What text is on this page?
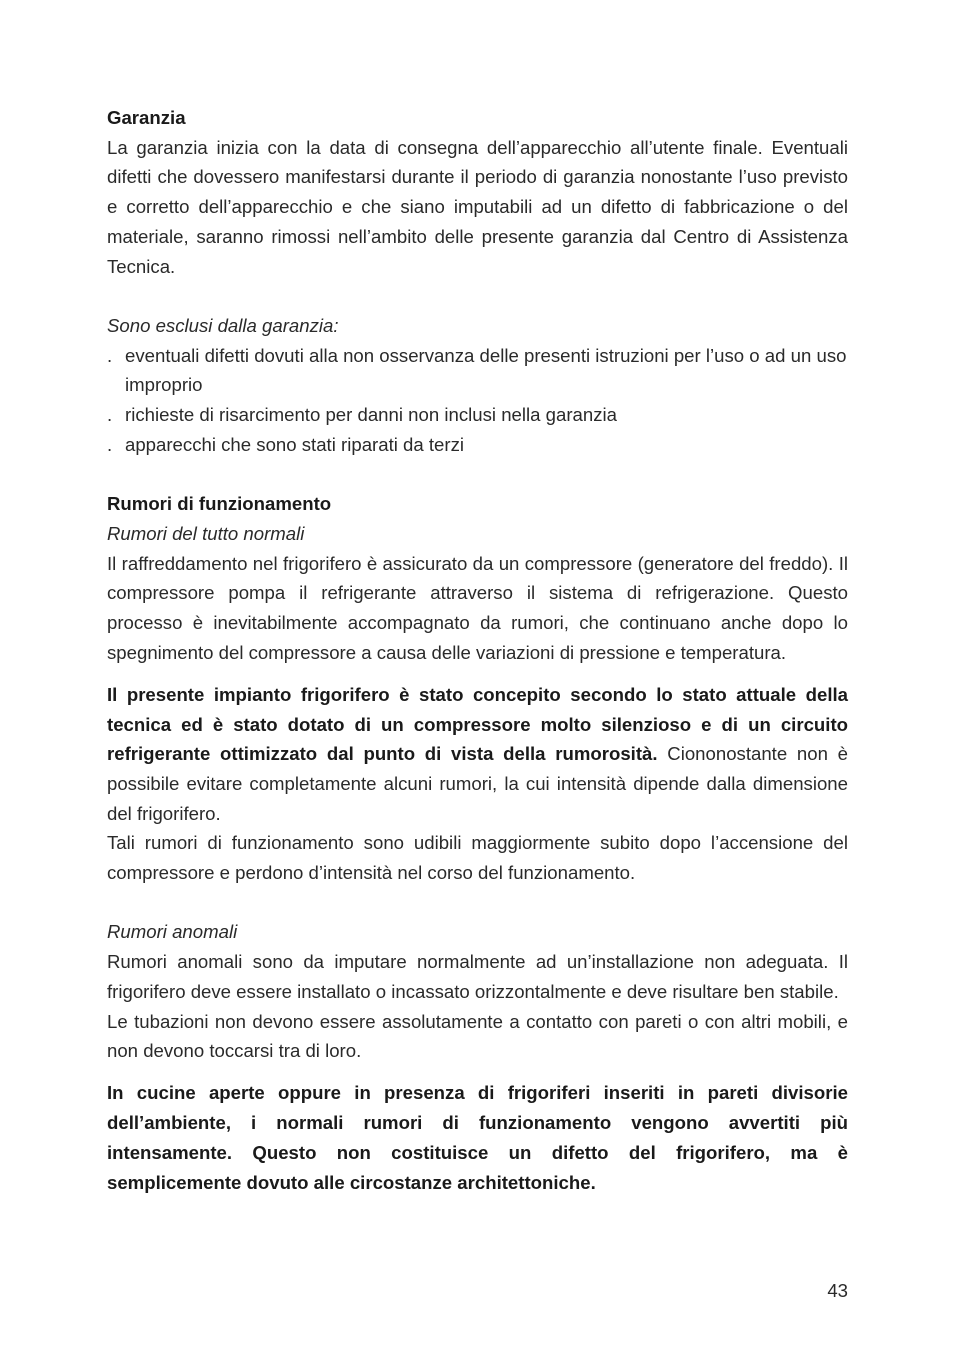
Garanzia

La garanzia inizia con la data di consegna dell’apparecchio all’utente finale. Eventuali difetti che dovessero manifestarsi durante il periodo di garanzia nonostante l’uso previsto e corretto dell’apparecchio e che siano imputabili ad un difetto di fabbricazione o del materiale, saranno rimossi nell’ambito delle presente garanzia dal Centro di Assistenza Tecnica.

Sono esclusi dalla garanzia:

. eventuali difetti dovuti alla non osservanza delle presenti istruzioni per l’uso o ad un uso improprio
. richieste di risarcimento per danni non inclusi nella garanzia
. apparecchi che sono stati riparati da terzi

Rumori di funzionamento

Rumori del tutto normali

Il raffreddamento nel frigorifero è assicurato da un compressore (generatore del freddo). Il compressore pompa il refrigerante attraverso il sistema di refrigerazione. Questo processo è inevitabilmente accompagnato da rumori, che continuano anche dopo lo spegnimento del compressore a causa delle variazioni di pressione e temperatura.

Il presente impianto frigorifero è stato concepito secondo lo stato attuale della tecnica ed è stato dotato di un compressore molto silenzioso e di un circuito refrigerante ottimizzato dal punto di vista della rumorosità. Ciononostante non è possibile evitare completamente alcuni rumori, la cui intensità dipende dalla dimensione del frigorifero.

Tali rumori di funzionamento sono udibili maggiormente subito dopo l’accensione del compressore e perdono d’intensità nel corso del funzionamento.

Rumori anomali

Rumori anomali sono da imputare normalmente ad un’installazione non adeguata. Il frigorifero deve essere installato o incassato orizzontalmente e deve risultare ben stabile.

Le tubazioni non devono essere assolutamente a contatto con pareti o con altri mobili, e non devono toccarsi tra di loro.

In cucine aperte oppure in presenza di frigoriferi inseriti in pareti divisorie dell’ambiente, i normali rumori di funzionamento vengono avvertiti più intensamente. Questo non costituisce un difetto del frigorifero, ma è semplicemente dovuto alle circostanze architettoniche.

43
